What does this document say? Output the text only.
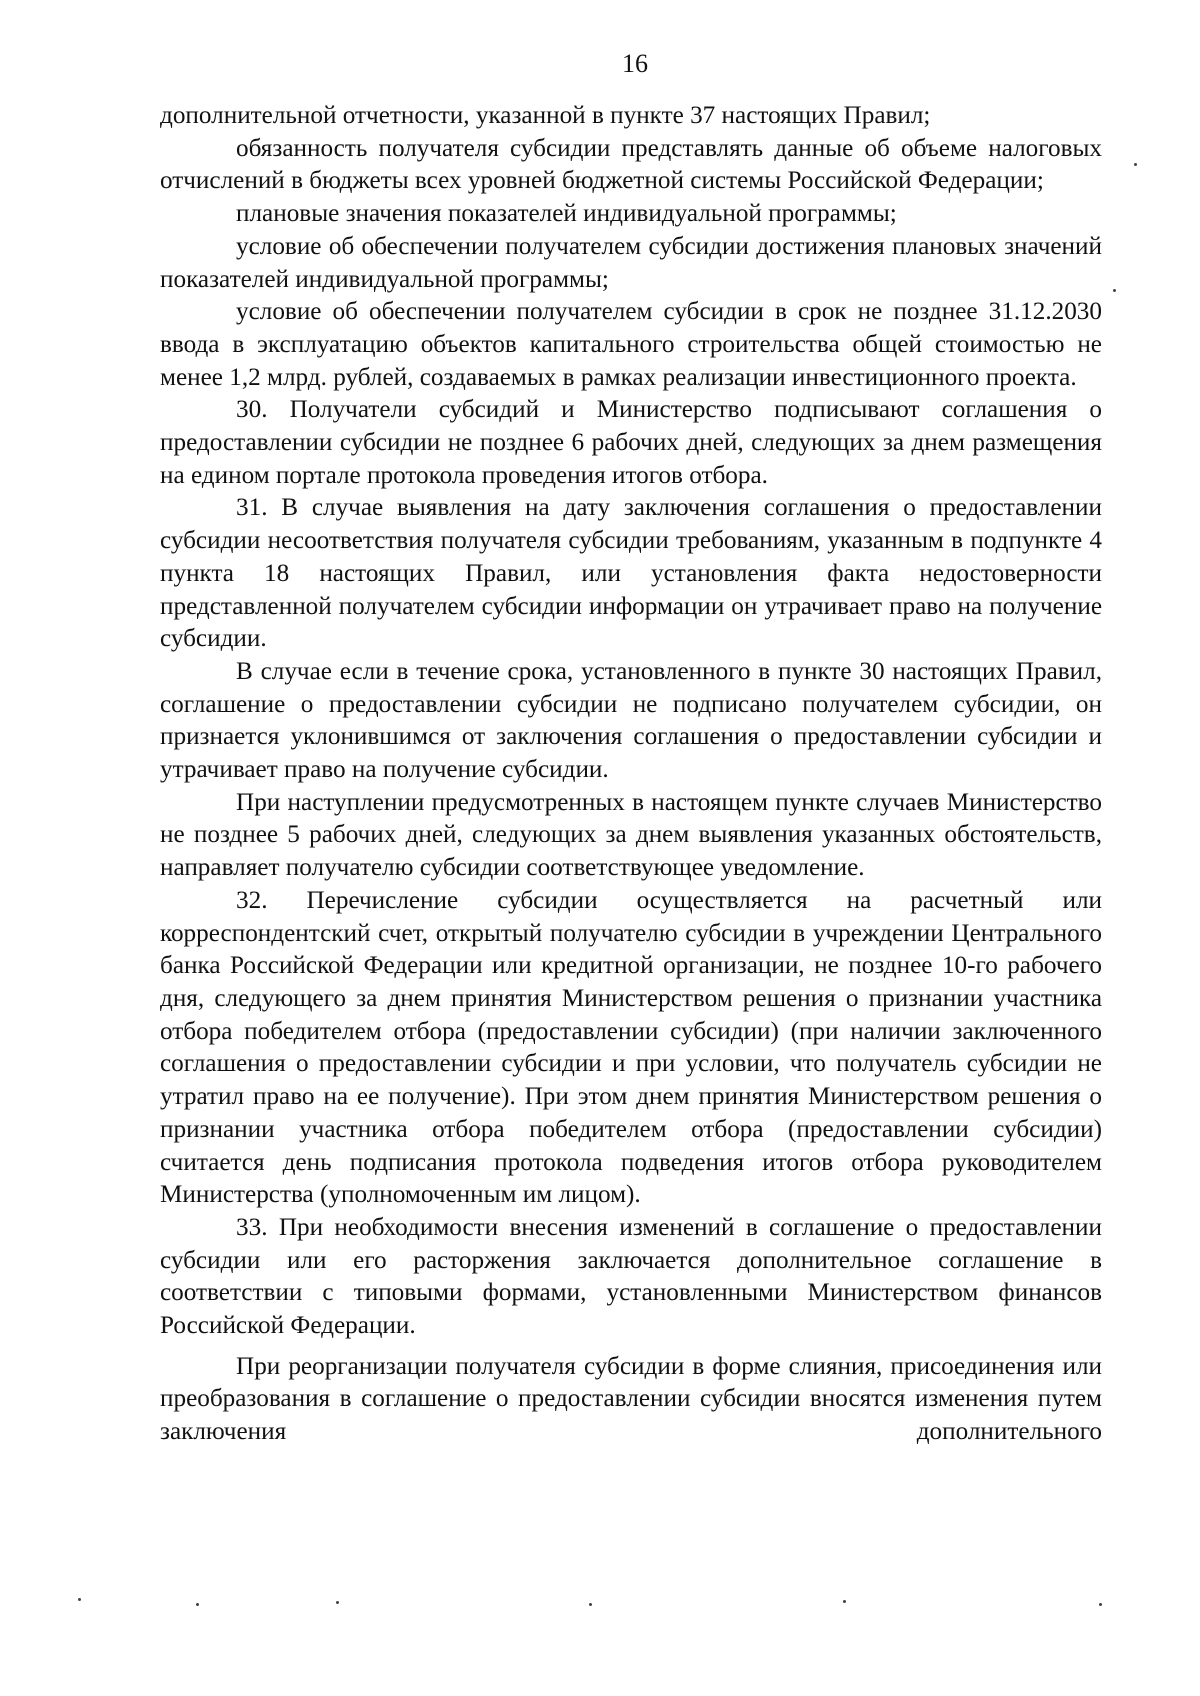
16

дополнительной отчетности, указанной в пункте 37 настоящих Правил;

обязанность получателя субсидии представлять данные об объеме налоговых отчислений в бюджеты всех уровней бюджетной системы Российской Федерации;

плановые значения показателей индивидуальной программы;

условие об обеспечении получателем субсидии достижения плановых значений показателей индивидуальной программы;

условие об обеспечении получателем субсидии в срок не позднее 31.12.2030 ввода в эксплуатацию объектов капитального строительства общей стоимостью не менее 1,2 млрд. рублей, создаваемых в рамках реализации инвестиционного проекта.

30. Получатели субсидий и Министерство подписывают соглашения о предоставлении субсидии не позднее 6 рабочих дней, следующих за днем размещения на едином портале протокола проведения итогов отбора.

31. В случае выявления на дату заключения соглашения о предоставлении субсидии несоответствия получателя субсидии требованиям, указанным в подпункте 4 пункта 18 настоящих Правил, или установления факта недостоверности представленной получателем субсидии информации он утрачивает право на получение субсидии.

В случае если в течение срока, установленного в пункте 30 настоящих Правил, соглашение о предоставлении субсидии не подписано получателем субсидии, он признается уклонившимся от заключения соглашения о предоставлении субсидии и утрачивает право на получение субсидии.

При наступлении предусмотренных в настоящем пункте случаев Министерство не позднее 5 рабочих дней, следующих за днем выявления указанных обстоятельств, направляет получателю субсидии соответствующее уведомление.

32. Перечисление субсидии осуществляется на расчетный или корреспондентский счет, открытый получателю субсидии в учреждении Центрального банка Российской Федерации или кредитной организации, не позднее 10-го рабочего дня, следующего за днем принятия Министерством решения о признании участника отбора победителем отбора (предоставлении субсидии) (при наличии заключенного соглашения о предоставлении субсидии и при условии, что получатель субсидии не утратил право на ее получение). При этом днем принятия Министерством решения о признании участника отбора победителем отбора (предоставлении субсидии) считается день подписания протокола подведения итогов отбора руководителем Министерства (уполномоченным им лицом).

33. При необходимости внесения изменений в соглашение о предоставлении субсидии или его расторжения заключается дополнительное соглашение в соответствии с типовыми формами, установленными Министерством финансов Российской Федерации.

При реорганизации получателя субсидии в форме слияния, присоединения или преобразования в соглашение о предоставлении субсидии вносятся изменения путем заключения дополнительного
